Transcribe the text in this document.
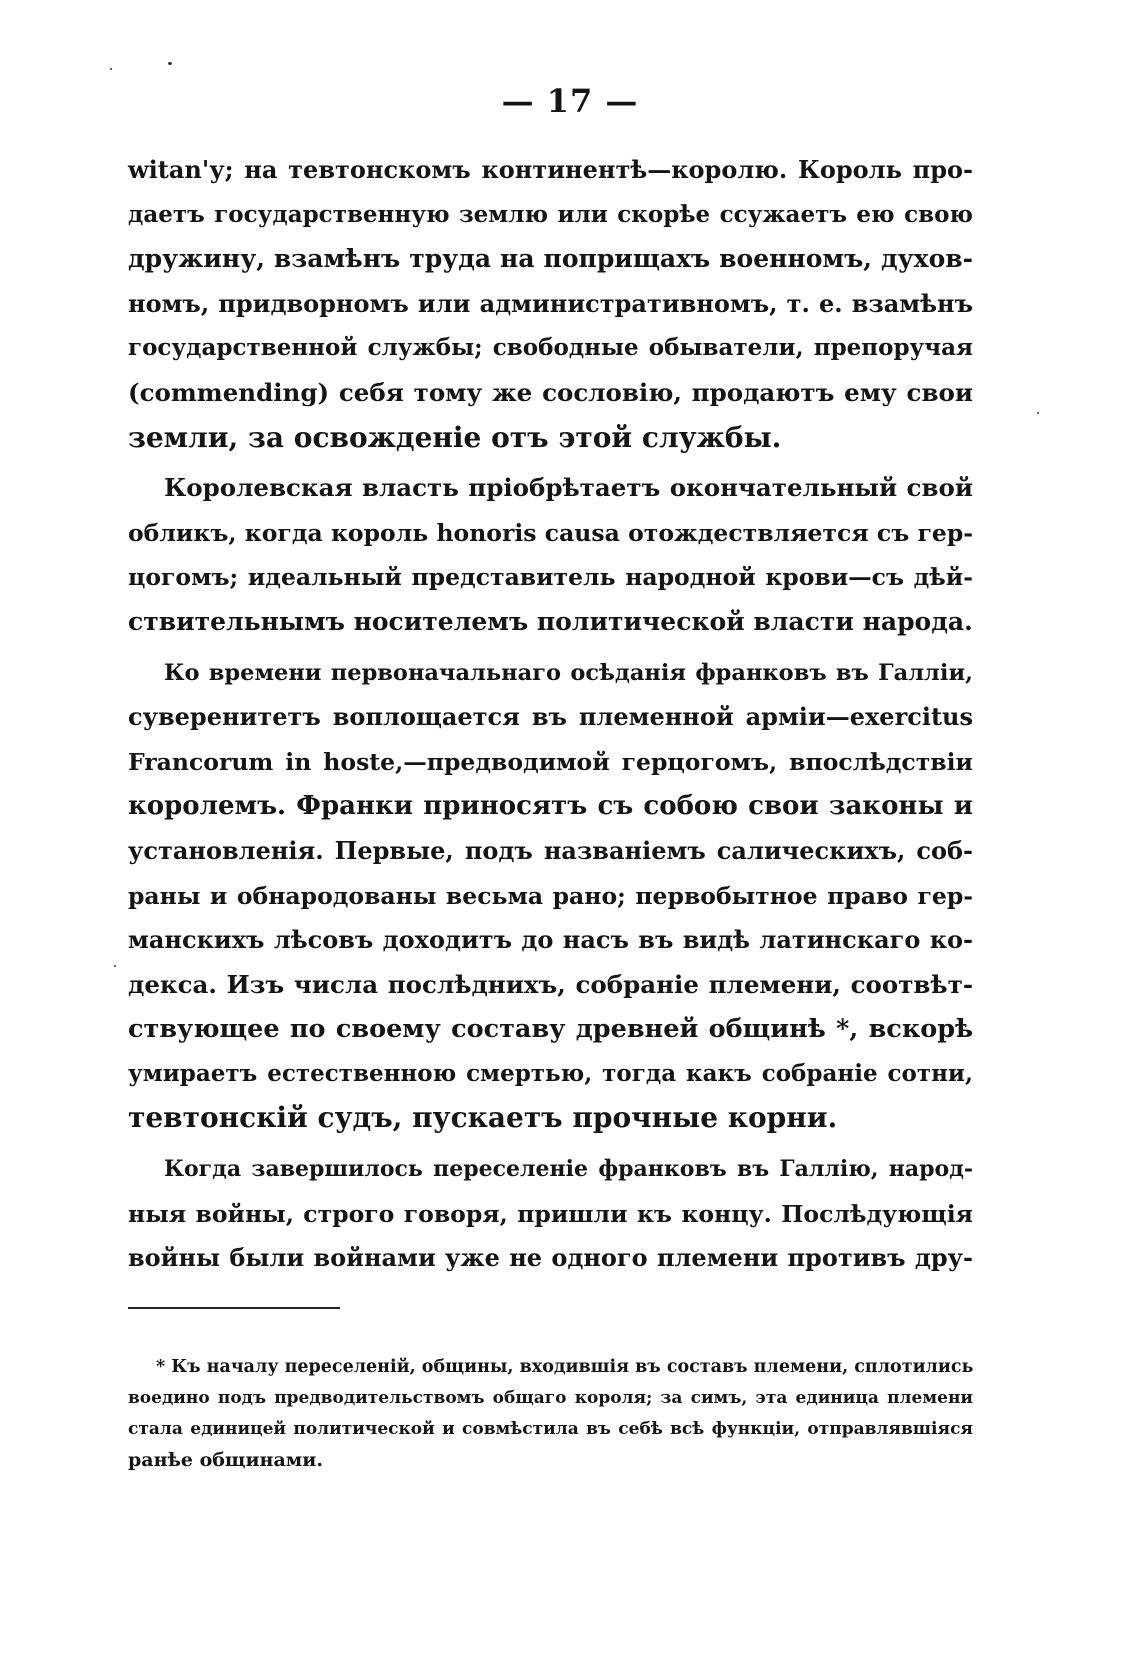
— 17 —
witan'у; на тевтонскомъ континентѣ—королю. Король про-
даетъ государственную землю или скорѣе ссужаетъ ею свою
дружину, взамѣнъ труда на поприщахъ военномъ, духов-
номъ, придворномъ или административномъ, т. е. взамѣнъ
государственной службы; свободные обыватели, препоручая
(commending) себя тому же сословію, продаютъ ему свои
земли, за освожденіе отъ этой службы.
Королевская власть пріобрѣтаетъ окончательный свой
обликъ, когда король honoris causa отождествляется съ гер-
цогомъ; идеальный представитель народной крови—съ дѣй-
ствительнымъ носителемъ политической власти народа.
Ко времени первоначальнаго осѣданія франковъ въ Галліи,
суверенитетъ воплощается въ племенной арміи—exercitus
Francorum in hoste,—предводимой герцогомъ, впослѣдствіи
королемъ. Франки приносятъ съ собою свои законы и
установленія. Первые, подъ названіемъ салическихъ, соб-
раны и обнародованы весьма рано; первобытное право гер-
манскихъ лѣсовъ доходитъ до насъ въ видѣ латинскаго ко-
декса. Изъ числа послѣднихъ, собраніе племени, соотвѣт-
ствующее по своему составу древней общинѣ *, вскорѣ
умираетъ естественною смертью, тогда какъ собраніе сотни,
тевтонскій судъ, пускаетъ прочные корни.
Когда завершилось переселеніе франковъ въ Галлію, народ-
ныя войны, строго говоря, пришли къ концу. Послѣдующія
войны были войнами уже не одного племени противъ дру-
* Къ началу переселеній, общины, входившія въ составъ племени, сплотились
воедино подъ предводительствомъ общаго короля; за симъ, эта единица племени
стала единицей политической и совмѣстила въ себѣ всѣ функціи, отправлявшіяся
ранѣе общинами.
